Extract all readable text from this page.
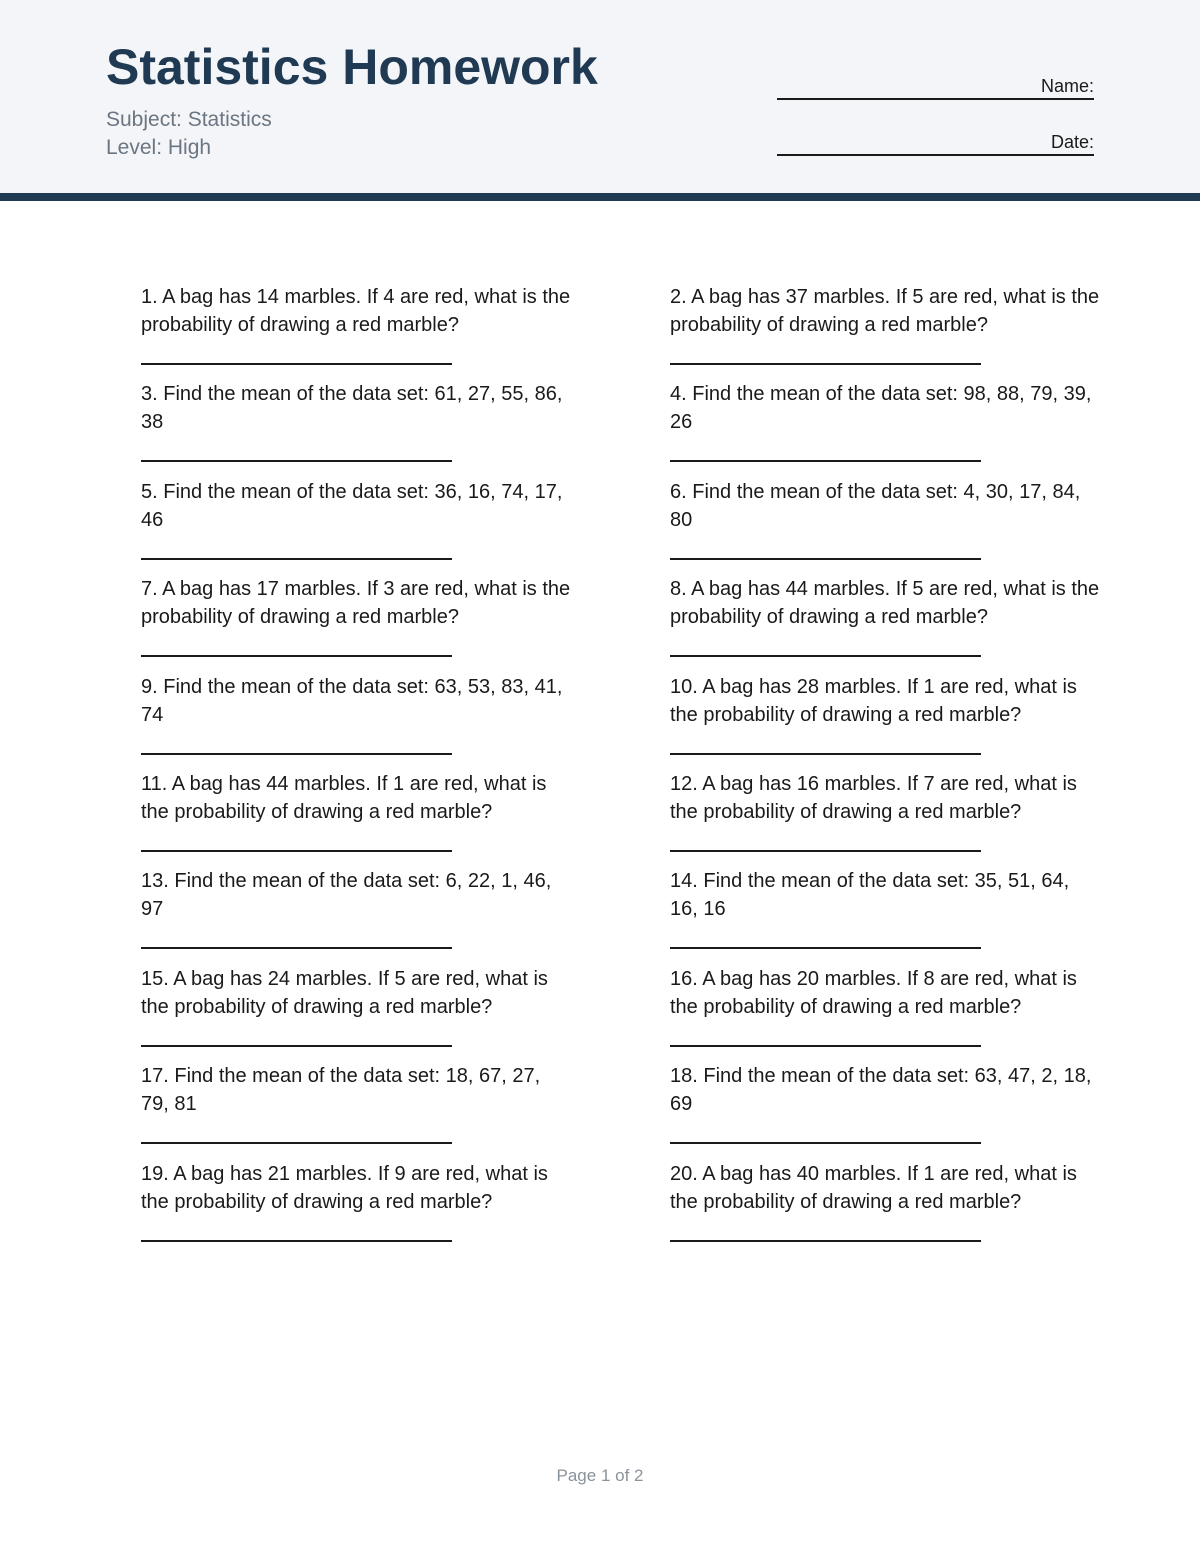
Statistics Homework
Subject: Statistics
Level: High
Name:
Date:

1. A bag has 14 marbles. If 4 are red, what is the probability of drawing a red marble?

2. A bag has 37 marbles. If 5 are red, what is the probability of drawing a red marble?

3. Find the mean of the data set: 61, 27, 55, 86, 38

4. Find the mean of the data set: 98, 88, 79, 39, 26

5. Find the mean of the data set: 36, 16, 74, 17, 46

6. Find the mean of the data set: 4, 30, 17, 84, 80

7. A bag has 17 marbles. If 3 are red, what is the probability of drawing a red marble?

8. A bag has 44 marbles. If 5 are red, what is the probability of drawing a red marble?

9. Find the mean of the data set: 63, 53, 83, 41, 74

10. A bag has 28 marbles. If 1 are red, what is the probability of drawing a red marble?

11. A bag has 44 marbles. If 1 are red, what is the probability of drawing a red marble?

12. A bag has 16 marbles. If 7 are red, what is the probability of drawing a red marble?

13. Find the mean of the data set: 6, 22, 1, 46, 97

14. Find the mean of the data set: 35, 51, 64, 16, 16

15. A bag has 24 marbles. If 5 are red, what is the probability of drawing a red marble?

16. A bag has 20 marbles. If 8 are red, what is the probability of drawing a red marble?

17. Find the mean of the data set: 18, 67, 27, 79, 81

18. Find the mean of the data set: 63, 47, 2, 18, 69

19. A bag has 21 marbles. If 9 are red, what is the probability of drawing a red marble?

20. A bag has 40 marbles. If 1 are red, what is the probability of drawing a red marble?

Page 1 of 2
